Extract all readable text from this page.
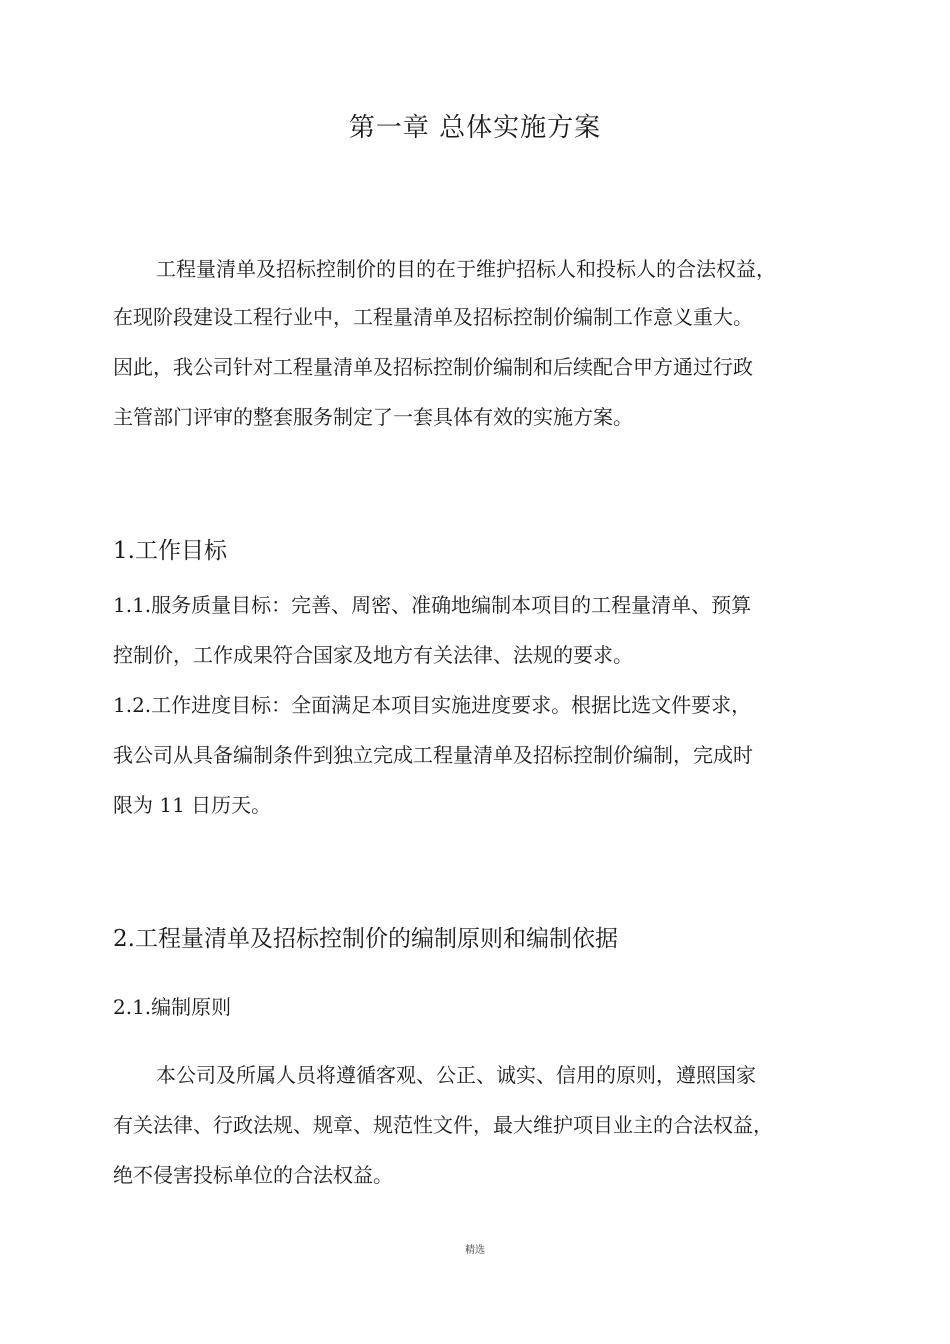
第一章 总体实施方案
工程量清单及招标控制价的目的在于维护招标人和投标人的合法权益，
在现阶段建设工程行业中，工程量清单及招标控制价编制工作意义重大。
因此，我公司针对工程量清单及招标控制价编制和后续配合甲方通过行政
主管部门评审的整套服务制定了一套具体有效的实施方案。
1.工作目标
1.1.服务质量目标：完善、周密、准确地编制本项目的工程量清单、预算
控制价，工作成果符合国家及地方有关法律、法规的要求。
1.2.工作进度目标：全面满足本项目实施进度要求。根据比选文件要求，
我公司从具备编制条件到独立完成工程量清单及招标控制价编制，完成时
限为 11 日历天。
2.工程量清单及招标控制价的编制原则和编制依据
2.1.编制原则
本公司及所属人员将遵循客观、公正、诚实、信用的原则，遵照国家
有关法律、行政法规、规章、规范性文件，最大维护项目业主的合法权益，
绝不侵害投标单位的合法权益。
精选
